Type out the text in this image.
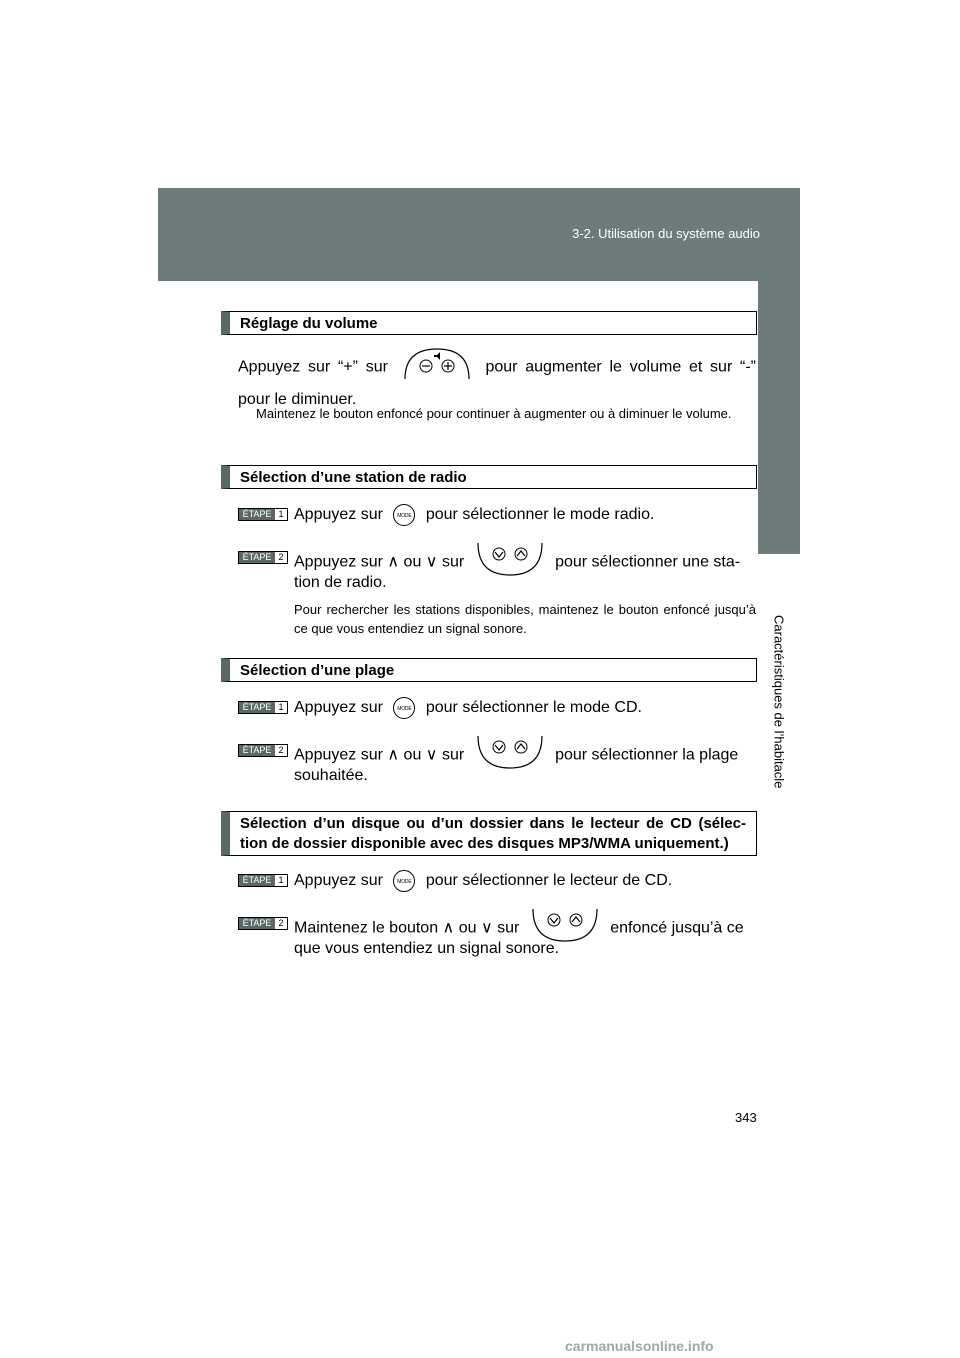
3-2. Utilisation du système audio
3
Caractéristiques de l’habitacle
Réglage du volume
Appuyez sur “+” sur	pour augmenter le volume et sur “-” pour le diminuer.
Maintenez le bouton enfoncé pour continuer à augmenter ou à diminuer le volume.
Sélection d’une station de radio
ÉTAPE 1 Appuyez sur	MODE pour sélectionner le mode radio.
ÉTAPE 2 Appuyez sur ∧ ou ∨ sur	pour sélectionner une sta-
tion de radio.
Pour rechercher les stations disponibles, maintenez le bouton enfoncé jusqu’à ce que vous entendiez un signal sonore.
Sélection d’une plage
ÉTAPE 1 Appuyez sur	MODE pour sélectionner le mode CD.
ÉTAPE 2 Appuyez sur ∧ ou ∨ sur	pour sélectionner la plage
souhaitée.
Sélection d’un disque ou d’un dossier dans le lecteur de CD (sélec-tion de dossier disponible avec des disques MP3/WMA uniquement.)
ÉTAPE 1 Appuyez sur	MODE pour sélectionner le lecteur de CD.
ÉTAPE 2 Maintenez le bouton ∧ ou ∨ sur	enfoncé jusqu’à ce
que vous entendiez un signal sonore.
343
carmanualsonline.info
